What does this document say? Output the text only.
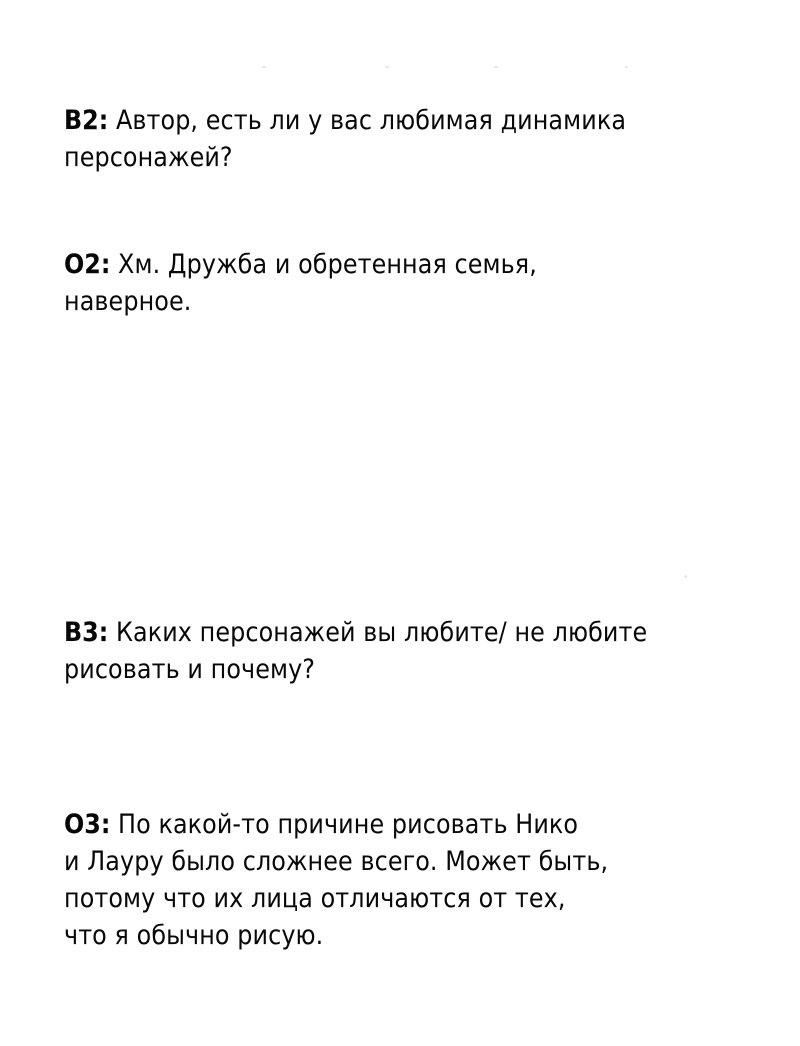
В2: Автор, есть ли у вас любимая динамика
персонажей?
О2: Хм. Дружба и обретенная семья,
наверное.
В3: Каких персонажей вы любите/ не любите
рисовать и почему?
О3: По какой-то причине рисовать Нико
и Лауру было сложнее всего. Может быть,
потому что их лица отличаются от тех,
что я обычно рисую.
